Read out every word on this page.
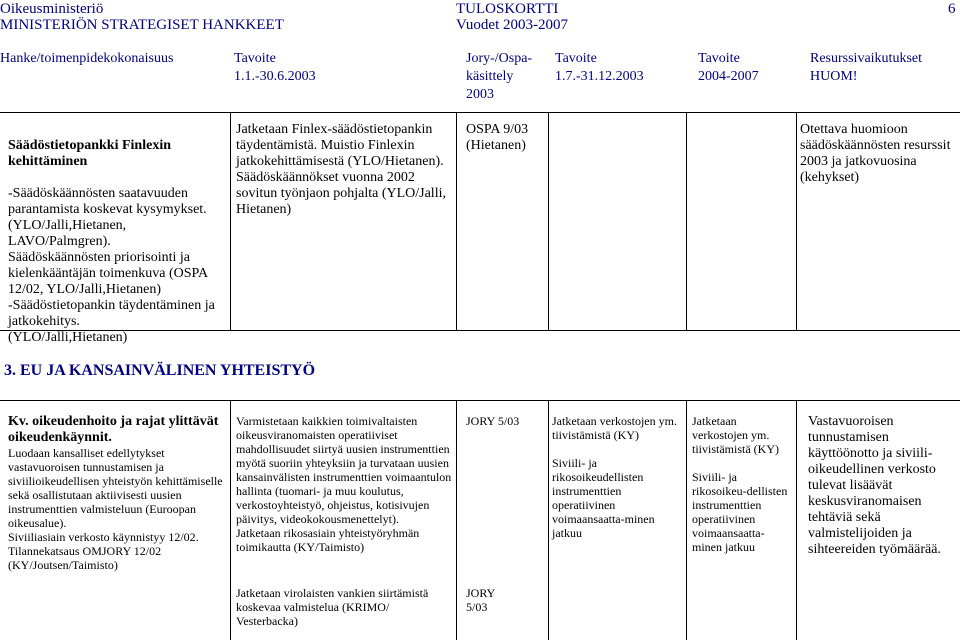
Oikeusministeriö
MINISTERIÖN STRATEGISET HANKKEET
TULOSKORTTI
Vuodet 2003-2007
6
Hanke/toimenpidekokonaisuus	Tavoite
1.1.-30.6.2003
Jory-/Ospa-
käsittely
2003
Tavoite
1.7.-31.12.2003
Tavoite
2004-2007
Resurssivaikutukset
HUOM!

Säädöstietopankki Finlexin kehittäminen

-Säädöskäännösten saatavuuden parantamista koskevat kysymykset. (YLO/Jalli,Hietanen, LAVO/Palmgren).
Säädöskäännösten priorisointi ja kielenkääntäjän toimenkuva (OSPA 12/02, YLO/Jalli,Hietanen)
-Säädöstietopankin täydentäminen ja jatkokehitys.
(YLO/Jalli,Hietanen)

Jatketaan Finlex-säädöstietopankin täydentämistä. Muistio Finlexin jatkokehittämisestä (YLO/Hietanen).
Säädöskäännökset vuonna 2002 sovitun työnjaon pohjalta (YLO/Jalli, Hietanen)
OSPA 9/03
(Hietanen)
Otettava huomioon säädöskäännösten resurssit 2003 ja jatkovuosina (kehykset)
3. EU JA KANSAINVÄLINEN YHTEISTYÖ
Kv. oikeudenhoito ja rajat ylittävät oikeudenkäynnit.
Luodaan kansalliset edellytykset vastavuoroisen tunnustamisen ja siviilioikeudellisen yhteistyön kehittämiselle sekä osallistutaan aktiivisesti uusien instrumenttien valmisteluun (Euroopan oikeusalue).
Siviiliasiain verkosto käynnistyy 12/02.
Tilannekatsaus OMJORY 12/02
(KY/Joutsen/Taimisto)
Varmistetaan kaikkien toimivaltaisten oikeusviranomaisten operatiiviset mahdollisuudet siirtyä uusien instrumenttien myötä suoriin yhteyksiin ja turvataan uusien kansainvälisten instrumenttien voimaantulon hallinta (tuomari- ja muu koulutus, verkostoyhteistyö, ohjeistus, kotisivujen päivitys, videokokousmenettelyt).
Jatketaan rikosasiain yhteistyöryhmän toimikautta (KY/Taimisto)
JORY 5/03	Jatketaan verkostojen ym. tiivistämistä (KY)

Siviili- ja rikosoikeudellisten instrumenttien operatiivinen voimaansaatta-minen jatkuu
Jatketaan verkostojen ym. tiivistämistä (KY)

Siviili- ja rikosoikeu-dellisten instrumenttien operatiivinen voimaansaatta-minen jatkuu
Vastavuoroisen tunnustamisen käyttöönotto ja siviili-oikeudellinen verkosto tulevat lisäävät keskusviranomaisen tehtäviä sekä valmistelijoiden ja sihteereiden työmäärää.
Jatketaan virolaisten vankien siirtämistä koskevaa valmistelua (KRIMO/ Vesterbacka)
JORY
5/03
